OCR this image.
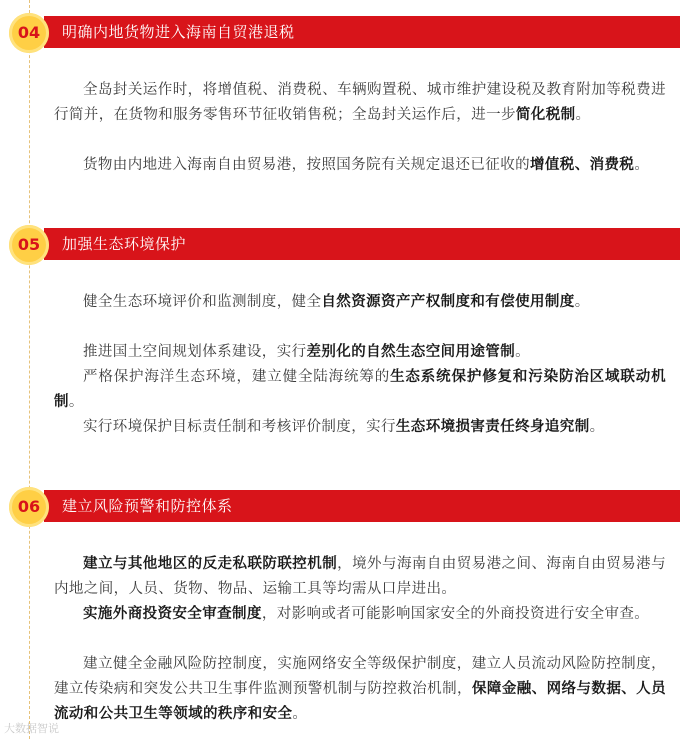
明确内地货物进入海南自贸港退税
04
全岛封关运作时，将增值税、消费税、车辆购置税、城市维护建设税及教育附加等税费进行简并，在货物和服务零售环节征收销售税；全岛封关运作后，进一步简化税制。
货物由内地进入海南自由贸易港，按照国务院有关规定退还已征收的增值税、消费税。
加强生态环境保护
05
健全生态环境评价和监测制度，健全自然资源资产产权制度和有偿使用制度。
推进国土空间规划体系建设，实行差别化的自然生态空间用途管制。
严格保护海洋生态环境，建立健全陆海统筹的生态系统保护修复和污染防治区域联动机制。
实行环境保护目标责任制和考核评价制度，实行生态环境损害责任终身追究制。
建立风险预警和防控体系
06
建立与其他地区的反走私联防联控机制，境外与海南自由贸易港之间、海南自由贸易港与内地之间，人员、货物、物品、运输工具等均需从口岸进出。
实施外商投资安全审查制度，对影响或者可能影响国家安全的外商投资进行安全审查。
建立健全金融风险防控制度，实施网络安全等级保护制度，建立人员流动风险防控制度，建立传染病和突发公共卫生事件监测预警机制与防控救治机制，保障金融、网络与数据、人员流动和公共卫生等领域的秩序和安全。
大数据智说
